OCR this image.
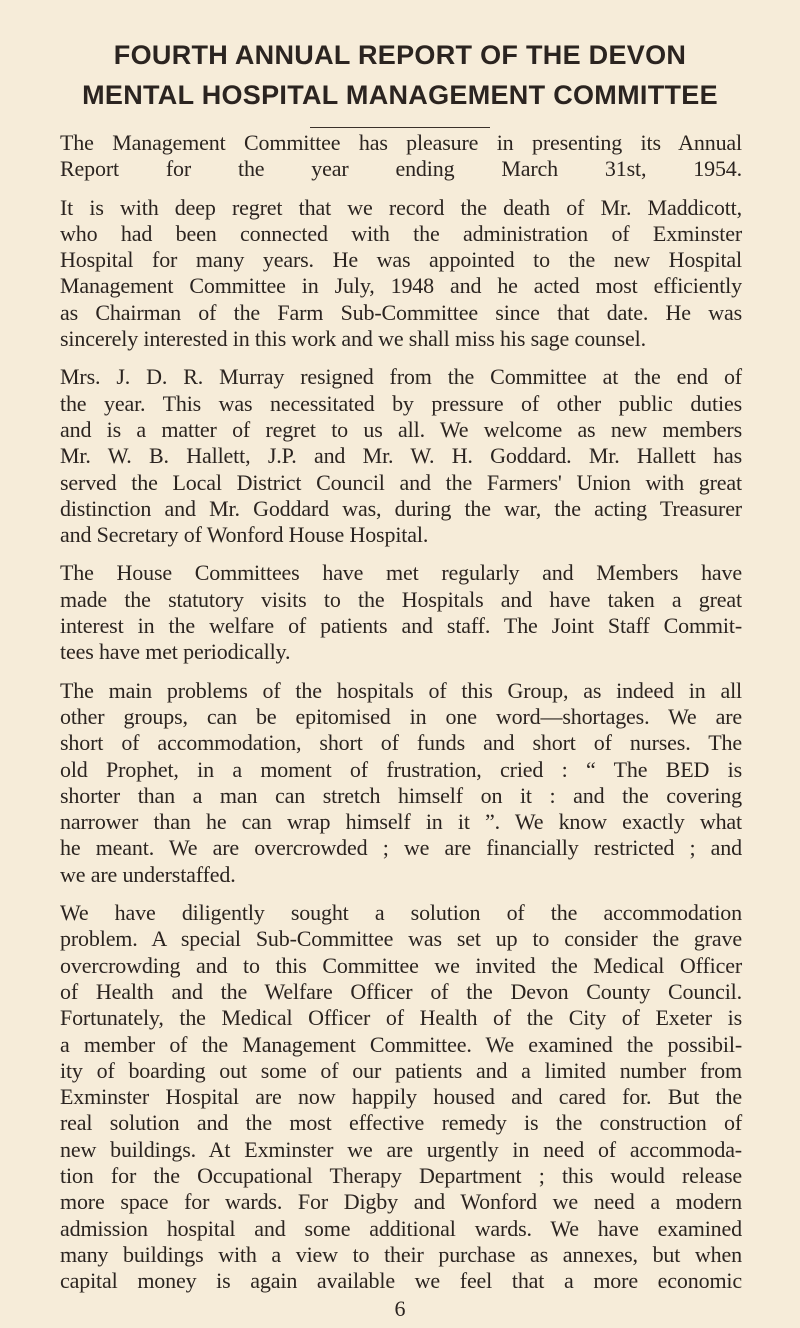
FOURTH ANNUAL REPORT OF THE DEVON
MENTAL HOSPITAL MANAGEMENT COMMITTEE
The Management Committee has pleasure in presenting its Annual
Report for the year ending March 31st, 1954.
It is with deep regret that we record the death of Mr. Maddicott,
who had been connected with the administration of Exminster
Hospital for many years. He was appointed to the new Hospital
Management Committee in July, 1948 and he acted most efficiently
as Chairman of the Farm Sub-Committee since that date. He was
sincerely interested in this work and we shall miss his sage counsel.
Mrs. J. D. R. Murray resigned from the Committee at the end of
the year. This was necessitated by pressure of other public duties
and is a matter of regret to us all. We welcome as new members
Mr. W. B. Hallett, J.P. and Mr. W. H. Goddard. Mr. Hallett has
served the Local District Council and the Farmers' Union with great
distinction and Mr. Goddard was, during the war, the acting Treasurer
and Secretary of Wonford House Hospital.
The House Committees have met regularly and Members have
made the statutory visits to the Hospitals and have taken a great
interest in the welfare of patients and staff. The Joint Staff Commit-
tees have met periodically.
The main problems of the hospitals of this Group, as indeed in all
other groups, can be epitomised in one word—shortages. We are
short of accommodation, short of funds and short of nurses. The
old Prophet, in a moment of frustration, cried : “ The BED is
shorter than a man can stretch himself on it : and the covering
narrower than he can wrap himself in it ”. We know exactly what
he meant. We are overcrowded ; we are financially restricted ; and
we are understaffed.
We have diligently sought a solution of the accommodation
problem. A special Sub-Committee was set up to consider the grave
overcrowding and to this Committee we invited the Medical Officer
of Health and the Welfare Officer of the Devon County Council.
Fortunately, the Medical Officer of Health of the City of Exeter is
a member of the Management Committee. We examined the possibil-
ity of boarding out some of our patients and a limited number from
Exminster Hospital are now happily housed and cared for. But the
real solution and the most effective remedy is the construction of
new buildings. At Exminster we are urgently in need of accommoda-
tion for the Occupational Therapy Department ; this would release
more space for wards. For Digby and Wonford we need a modern
admission hospital and some additional wards. We have examined
many buildings with a view to their purchase as annexes, but when
capital money is again available we feel that a more economic
6
